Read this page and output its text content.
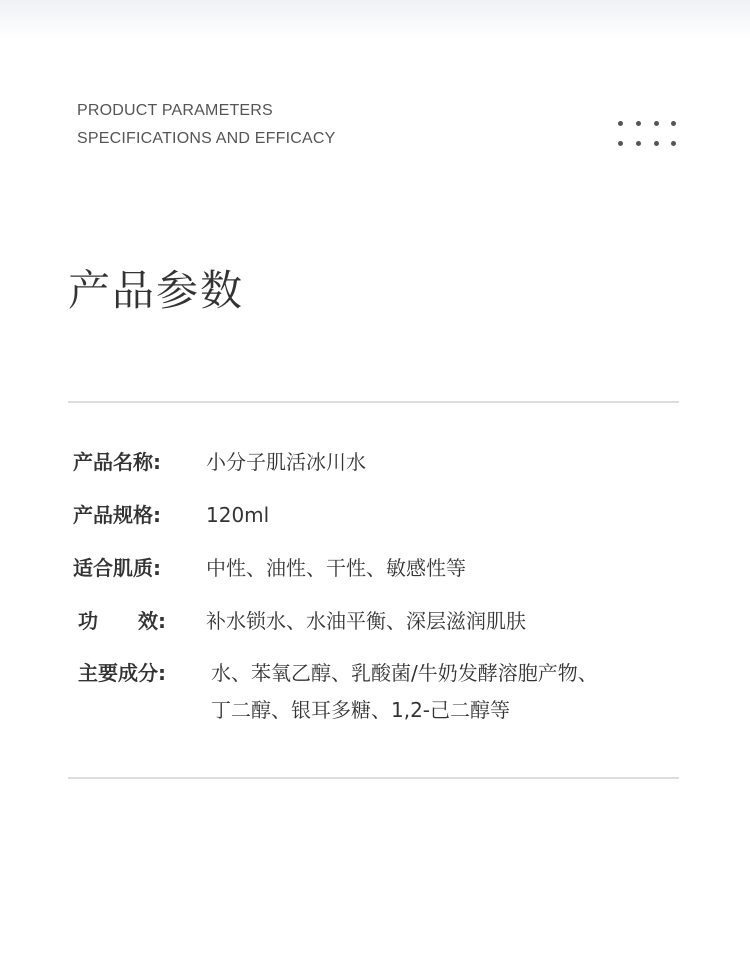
PRODUCT PARAMETERS
SPECIFICATIONS AND EFFICACY
产品参数
产品名称:	小分子肌活冰川水
产品规格:	120ml
适合肌质:	中性、油性、干性、敏感性等
功　　效:	补水锁水、水油平衡、深层滋润肌肤
主要成分:	水、苯氧乙醇、乳酸菌/牛奶发酵溶胞产物、
丁二醇、银耳多糖、1,2-己二醇等
